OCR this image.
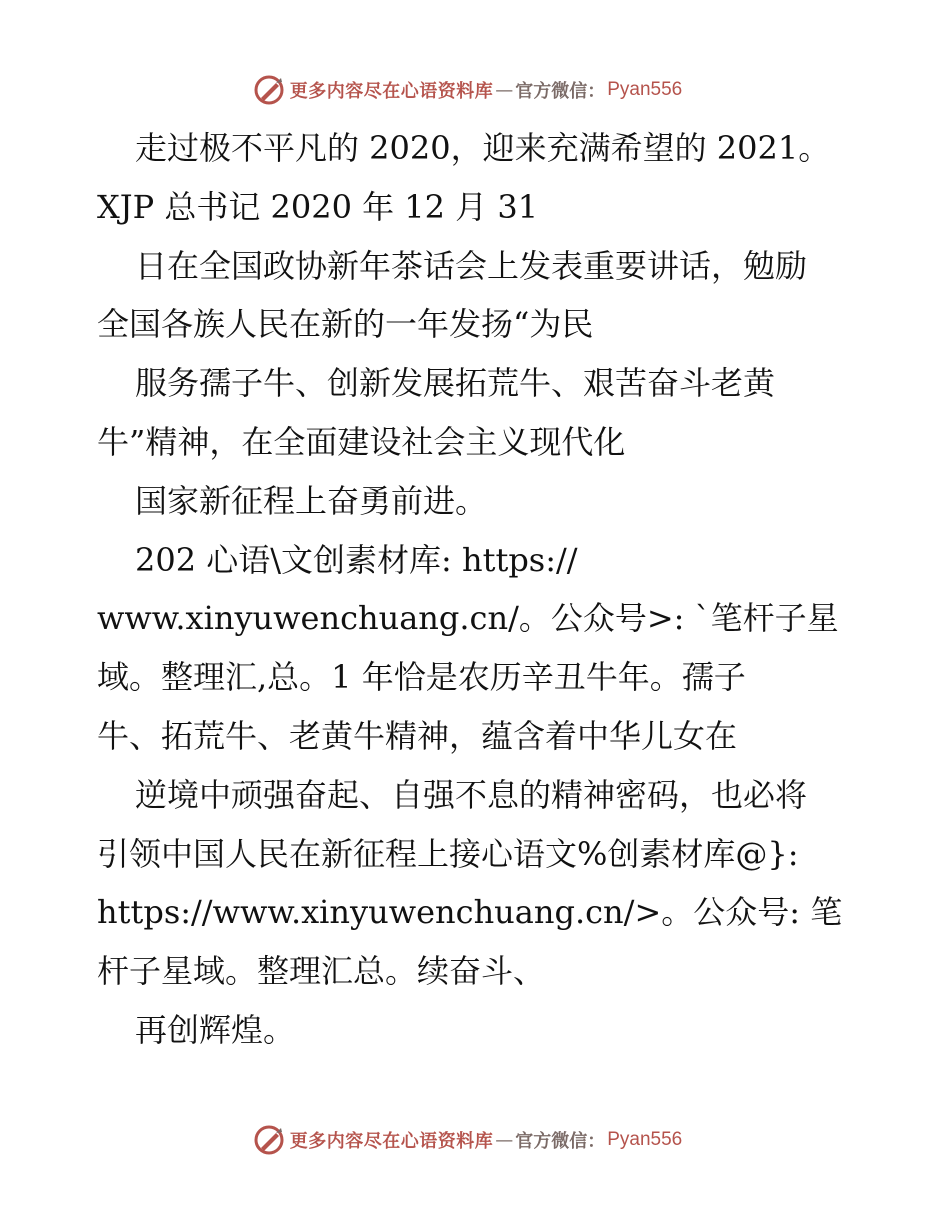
更多内容尽在心语资料库 — 官方微信： Pyan556
走过极不平凡的 2020，迎来充满希望的 2021。
XJP 总书记 2020 年 12 月 31
日在全国政协新年茶话会上发表重要讲话，勉励
全国各族人民在新的一年发扬“为民
服务孺子牛、创新发展拓荒牛、艰苦奋斗老黄
牛”精神，在全面建设社会主义现代化
国家新征程上奋勇前进。
202 心语\文创素材库: https://
www.xinyuwenchuang.cn/。公众号>: `笔杆子星
域。整理汇,总。1 年恰是农历辛丑牛年。孺子
牛、拓荒牛、老黄牛精神，蕴含着中华儿女在
逆境中顽强奋起、自强不息的精神密码，也必将
引领中国人民在新征程上接心语文%创素材库@}:
https://www.xinyuwenchuang.cn/>。公众号: 笔
杆子星域。整理汇总。续奋斗、
再创辉煌。
更多内容尽在心语资料库 — 官方微信： Pyan556
